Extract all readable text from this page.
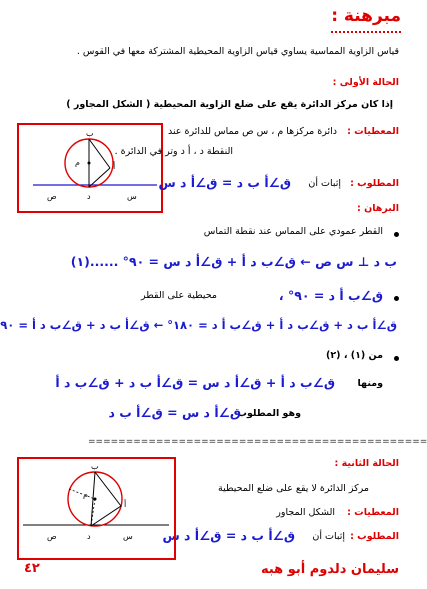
مبرهنة :
قياس الزاوية المماسية يساوي قياس الزاوية المحيطية المشتركة معها في القوس .
الحالة الأولى :
إذا كان مركز الدائرة يقع على ضلع الزاوية المحيطية ( الشكل المجاور )
ب
م	أ
د	س
ص
المعطيات :
دائرة مركزها م ، س ص مماس للدائرة عند
النقطة د ، أ د وتر في الدائرة .
المطلوب :
إثبات أن
ق∠أ ب د = ق∠أ د س
البرهان :
القطر عمودي على المماس عند نقطة التماس
ب د ⊥ س ص ← ق∠ب د أ + ق∠أ د س = ٩٠° ......(١)
محيطية على القطر	ق∠ب أ د = ٩٠° ،
ق∠أ ب د + ق∠ب د أ + ق∠ب أ د = ١٨٠° ← ق∠أ ب د + ق∠ب د أ = ٩٠
من (١) ، (٢)
ومنها
ق∠ب د أ + ق∠أ د س = ق∠أ ب د + ق∠ب د أ
وهو المطلوب .
ق∠أ د س = ق∠أ ب د
=============================================
الحالة الثانية :
مركز الدائرة لا يقع على ضلع المحيطية
المعطيات :
الشكل المجاور
المطلوب :
إثبات أن
ق∠أ ب د = ق∠أ د س
ب
م
أ
د	س
ص
٤٢	سليمان دلدوم أبو هبه
